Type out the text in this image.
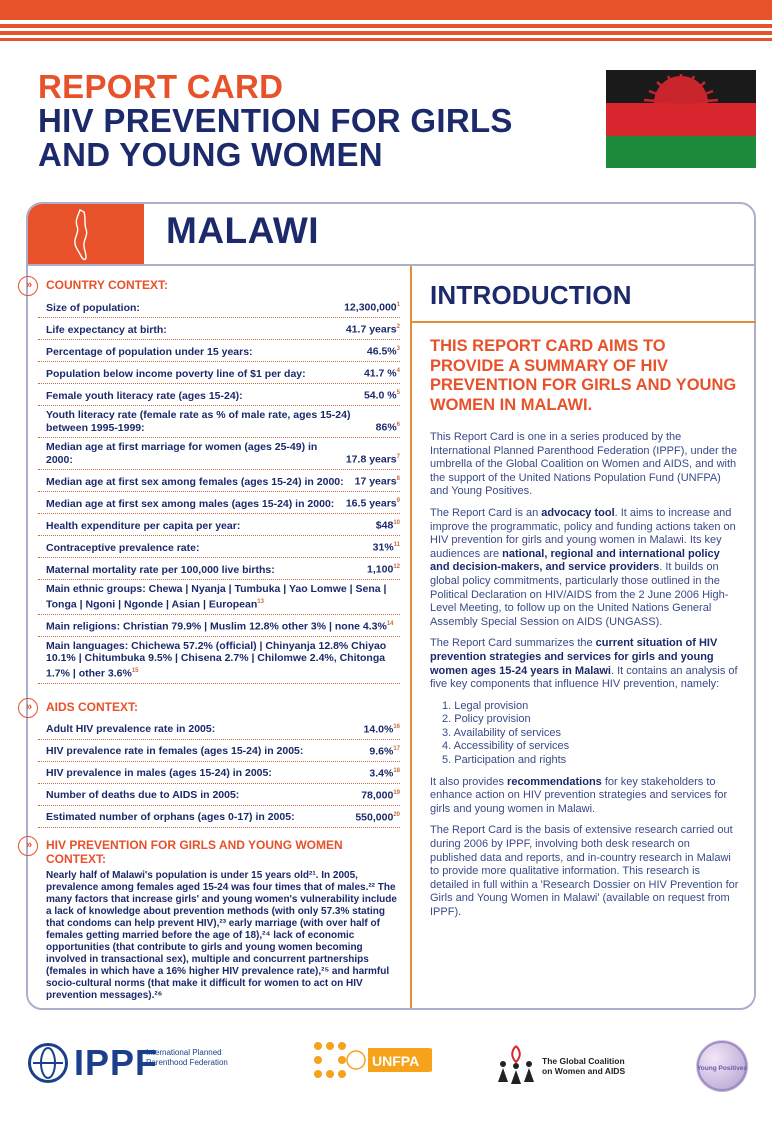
REPORT CARD
HIV PREVENTION FOR GIRLS
AND YOUNG WOMEN
MALAWI
»	COUNTRY CONTEXT:
Size of population:	12,300,000$^1$
Life expectancy at birth:	41.7 years$^2$
Percentage of population under 15 years:	46.5%$^3$
Population below income poverty line of $1 per day:	41.7 %$^4$
Female youth literacy rate (ages 15-24):	54.0 %$^5$
Youth literacy rate (female rate as % of male rate, ages 15-24) between 1995-1999:	86%$^6$
Median age at first marriage for women (ages 25-49) in 2000:	17.8 years$^7$
Median age at first sex among females (ages 15-24) in 2000:	17 years$^8$
Median age at first sex among males (ages 15-24) in 2000:	16.5 years$^9$
Health expenditure per capita per year:	$\$48^{10}$
Contraceptive prevalence rate:	31%$^{11}$
Maternal mortality rate per 100,000 live births:	1,100$^{12}$
Main ethnic groups: Chewa | Nyanja | Tumbuka | Yao Lomwe | Sena | Tonga | Ngoni | Ngonde | Asian | European$^{13}$
Main religions: Christian 79.9% | Muslim 12.8% other 3% | none 4.3%$^{14}$
Main languages: Chichewa 57.2% (official) | Chinyanja 12.8% Chiyao 10.1% | Chitumbuka 9.5% | Chisena 2.7% | Chilomwe 2.4%, Chitonga 1.7% | other 3.6%$^{15}$
»	AIDS CONTEXT:
Adult HIV prevalence rate in 2005:	14.0%$^{16}$
HIV prevalence rate in females (ages 15-24) in 2005:	9.6%$^{17}$
HIV prevalence in males (ages 15-24) in 2005:	3.4%$^{18}$
Number of deaths due to AIDS in 2005:	78,000$^{19}$
Estimated number of orphans (ages 0-17) in 2005:	550,000$^{20}$
»	HIV PREVENTION FOR GIRLS AND YOUNG WOMEN CONTEXT:
Nearly half of Malawi's population is under 15 years old²¹. In 2005, prevalence among females aged 15-24 was four times that of males.²² The many factors that increase girls' and young women's vulnerability include a lack of knowledge about prevention methods (with only 57.3% stating that condoms can help prevent HIV),²³ early marriage (with over half of females getting married before the age of 18),²⁴ lack of economic opportunities (that contribute to girls and young women becoming involved in transactional sex), multiple and concurrent partnerships (females in which have a 16% higher HIV prevalence rate),²⁵ and harmful socio-cultural norms (that make it difficult for women to act on HIV prevention messages).²⁶
INTRODUCTION
THIS REPORT CARD AIMS TO PROVIDE A SUMMARY OF HIV PREVENTION FOR GIRLS AND YOUNG WOMEN IN MALAWI.

This Report Card is one in a series produced by the International Planned Parenthood Federation (IPPF), under the umbrella of the Global Coalition on Women and AIDS, and with the support of the United Nations Population Fund (UNFPA) and Young Positives.

The Report Card is an advocacy tool. It aims to increase and improve the programmatic, policy and funding actions taken on HIV prevention for girls and young women in Malawi. Its key audiences are national, regional and international policy and decision-makers, and service providers. It builds on global policy commitments, particularly those outlined in the Political Declaration on HIV/AIDS from the 2 June 2006 High-Level Meeting, to follow up on the United Nations General Assembly Special Session on AIDS (UNGASS).

The Report Card summarizes the current situation of HIV prevention strategies and services for girls and young women ages 15-24 years in Malawi. It contains an analysis of five key components that influence HIV prevention, namely:

1. Legal provision
2. Policy provision
3. Availability of services
4. Accessibility of services
5. Participation and rights

It also provides recommendations for key stakeholders to enhance action on HIV prevention strategies and services for girls and young women in Malawi.

The Report Card is the basis of extensive research carried out during 2006 by IPPF, involving both desk research on published data and reports, and in-country research in Malawi to provide more qualitative information. This research is detailed in full within a 'Research Dossier on HIV Prevention for Girls and Young Women in Malawi' (available on request from IPPF).

IPPF
International Planned Parenthood Federation	UNFPA	The Global Coalition
on Women and AIDS	Young Positives
